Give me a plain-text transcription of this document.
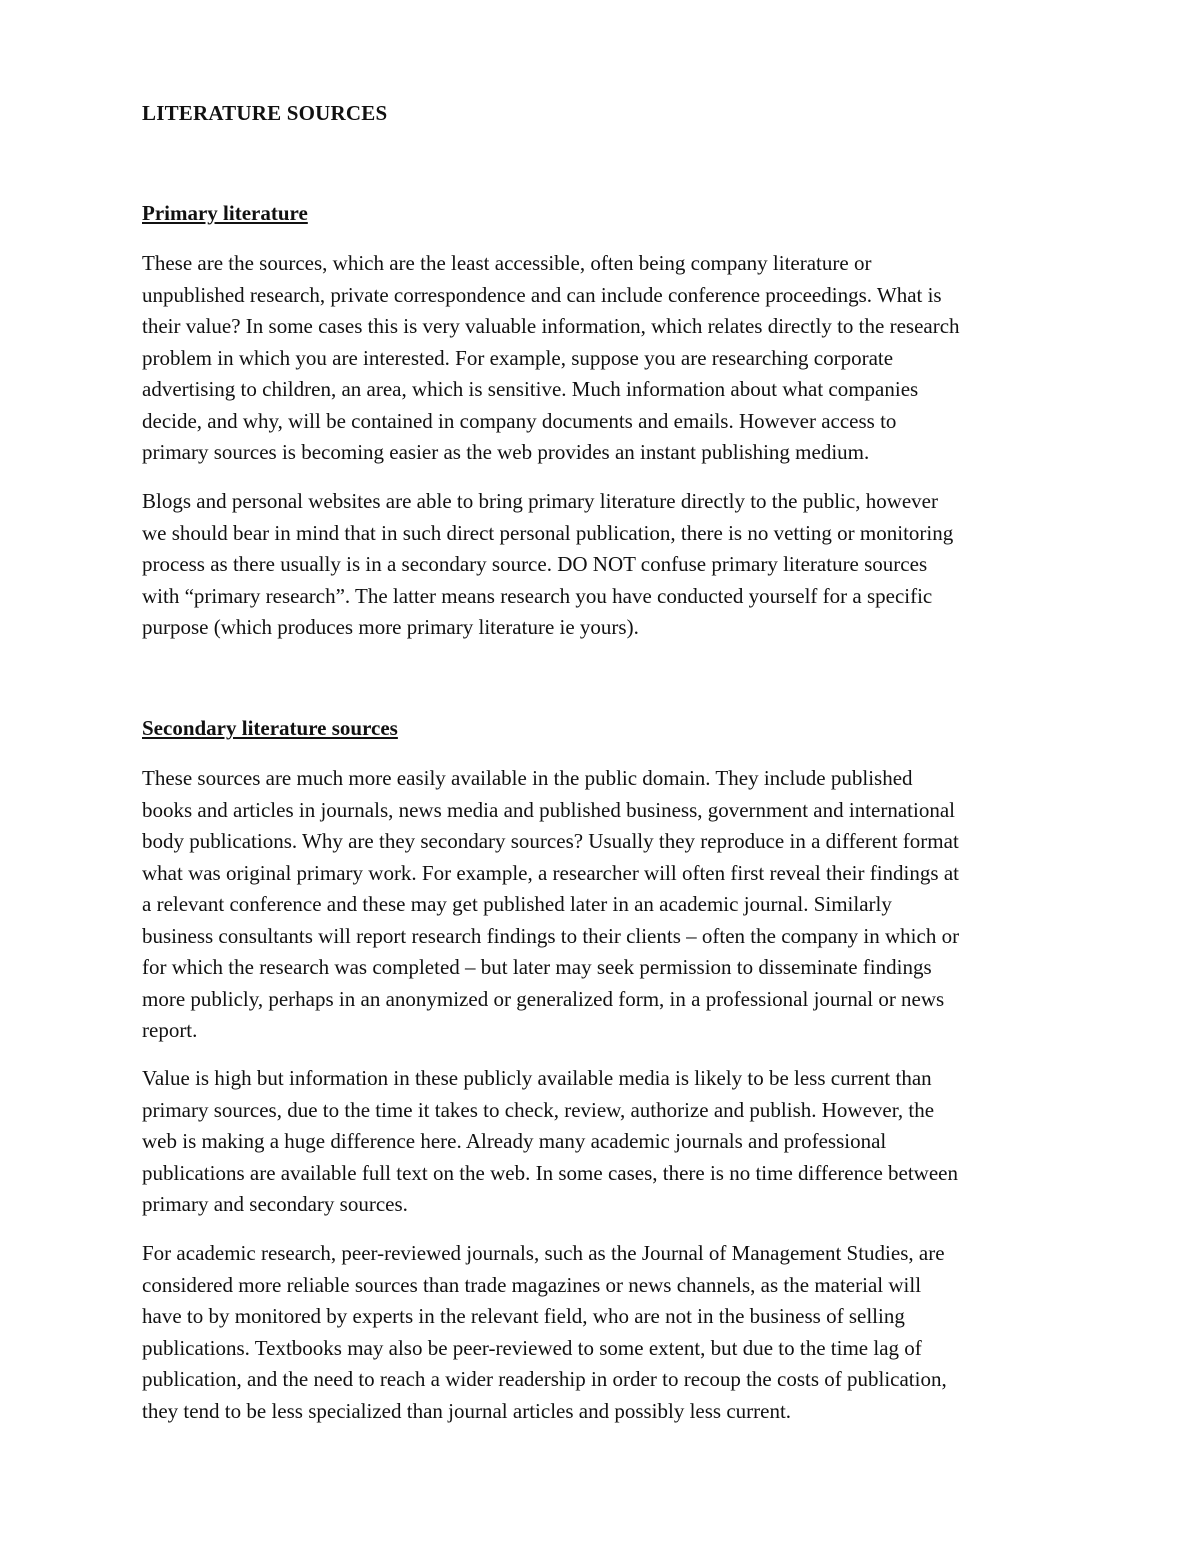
LITERATURE SOURCES
Primary literature
These are the sources, which are the least accessible, often being company literature or
unpublished research, private correspondence and can include conference proceedings. What is
their value? In some cases this is very valuable information, which relates directly to the research
problem in which you are interested. For example, suppose you are researching corporate
advertising to children, an area, which is sensitive. Much information about what companies
decide, and why, will be contained in company documents and emails. However access to
primary sources is becoming easier as the web provides an instant publishing medium.
Blogs and personal websites are able to bring primary literature directly to the public, however
we should bear in mind that in such direct personal publication, there is no vetting or monitoring
process as there usually is in a secondary source. DO NOT confuse primary literature sources
with “primary research”. The latter means research you have conducted yourself for a specific
purpose (which produces more primary literature ie yours).
Secondary literature sources
These sources are much more easily available in the public domain. They include published
books and articles in journals, news media and published business, government and international
body publications. Why are they secondary sources? Usually they reproduce in a different format
what was original primary work. For example, a researcher will often first reveal their findings at
a relevant conference and these may get published later in an academic journal. Similarly
business consultants will report research findings to their clients – often the company in which or
for which the research was completed – but later may seek permission to disseminate findings
more publicly, perhaps in an anonymized or generalized form, in a professional journal or news
report.
Value is high but information in these publicly available media is likely to be less current than
primary sources, due to the time it takes to check, review, authorize and publish. However, the
web is making a huge difference here. Already many academic journals and professional
publications are available full text on the web. In some cases, there is no time difference between
primary and secondary sources.
For academic research, peer-reviewed journals, such as the Journal of Management Studies, are
considered more reliable sources than trade magazines or news channels, as the material will
have to by monitored by experts in the relevant field, who are not in the business of selling
publications. Textbooks may also be peer-reviewed to some extent, but due to the time lag of
publication, and the need to reach a wider readership in order to recoup the costs of publication,
they tend to be less specialized than journal articles and possibly less current.
